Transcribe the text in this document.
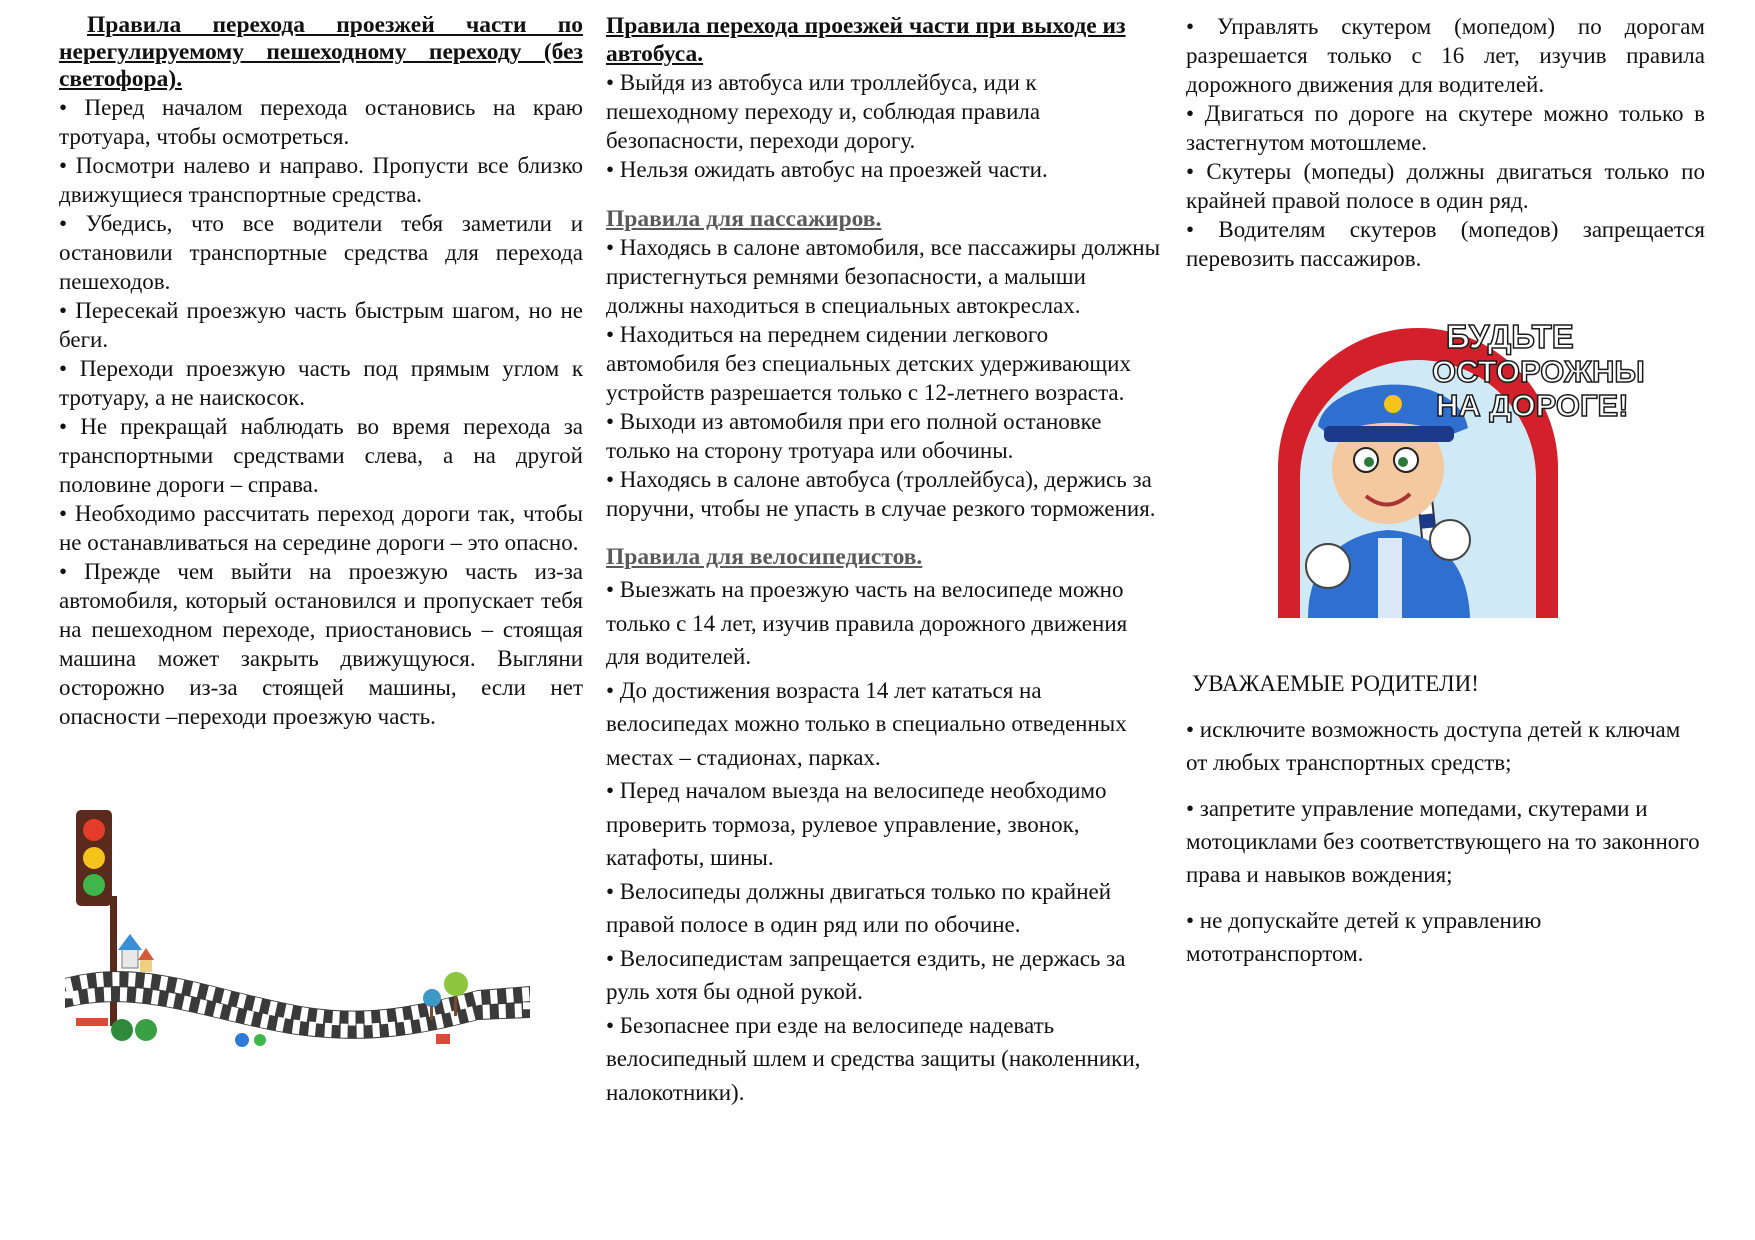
Правила перехода проезжей части по нерегулируемому пешеходному переходу (без светофора).

• Перед началом перехода остановись на краю тротуара, чтобы осмотреться.

• Посмотри налево и направо. Пропусти все близко движущиеся транспортные средства.

• Убедись, что все водители тебя заметили и остановили транспортные средства для перехода пешеходов.

• Пересекай проезжую часть быстрым шагом, но не беги.

• Переходи проезжую часть под прямым углом к тротуару, а не наискосок.

• Не прекращай наблюдать во время перехода за транспортными средствами слева, а на другой половине дороги – справа.

• Необходимо рассчитать переход дороги так, чтобы не останавливаться на середине дороги – это опасно.

• Прежде чем выйти на проезжую часть из-за автомобиля, который остановился и пропускает тебя на пешеходном переходе, приостановись – стоящая машина может закрыть движущуюся. Выгляни осторожно из-за стоящей машины, если нет опасности –переходи проезжую часть.

Правила перехода проезжей части при выходе из автобуса.

• Выйдя из автобуса или троллейбуса, иди к пешеходному переходу и, соблюдая правила безопасности, переходи дорогу.

• Нельзя ожидать автобус на проезжей части.

Правила для пассажиров.

• Находясь в салоне автомобиля, все пассажиры должны пристегнуться ремнями безопасности, а малыши должны находиться в специальных автокреслах.

• Находиться на переднем сидении легкового автомобиля без специальных детских удерживающих устройств разрешается только с 12-летнего возраста.

• Выходи из автомобиля при его полной остановке только на сторону тротуара или обочины.

• Находясь в салоне автобуса (троллейбуса), держись за поручни, чтобы не упасть в случае резкого торможения.

Правила для велосипедистов.

• Выезжать на проезжую часть на велосипеде можно только с 14 лет, изучив правила дорожного движения для водителей.

• До достижения возраста 14 лет кататься на велосипедах можно только в специально отведенных местах – стадионах, парках.

• Перед началом выезда на велосипеде необходимо проверить тормоза, рулевое управление, звонок, катафоты, шины.

• Велосипеды должны двигаться только по крайней правой полосе в один ряд или по обочине.

• Велосипедистам запрещается ездить, не держась за руль хотя бы одной рукой.

• Безопаснее при езде на велосипеде надевать велосипедный шлем и средства защиты (наколенники, налокотники).

• Управлять скутером (мопедом) по дорогам разрешается только с 16 лет, изучив правила дорожного движения для водителей.

• Двигаться по дороге на скутере можно только в застегнутом мотошлеме.

• Скутеры (мопеды) должны двигаться только по крайней правой полосе в один ряд.

• Водителям скутеров (мопедов) запрещается перевозить пассажиров.

УВАЖАЕМЫЕ РОДИТЕЛИ!

• исключите возможность доступа детей к ключам от любых транспортных средств;

• запретите управление мопедами, скутерами и мотоциклами без соответствующего на то законного права и навыков вождения;

• не допускайте детей к управлению мототранспортом.

БУДЬТЕ
ОСТОРОЖНЫ
НА ДОРОГЕ!
